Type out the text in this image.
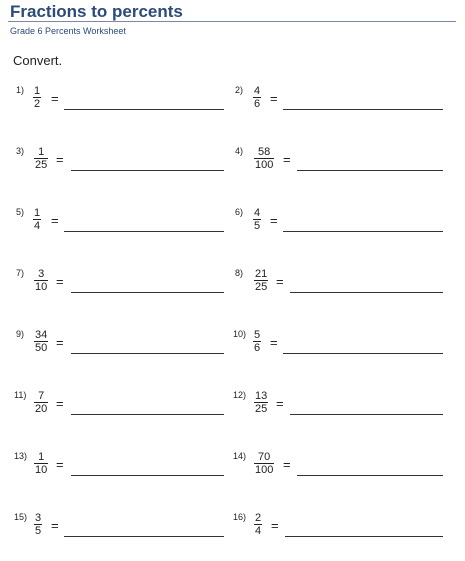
Fractions to percents
Grade 6 Percents Worksheet
Convert.
1) 1
2 =
2) 4
6 =
3) 1
25 =
4) 58
100 =
5) 1
4 =
6) 4
5 =
7) 3
10 =
8) 21
25 =
9) 34
50 =
10) 5
6 =
11) 7
20 =
12) 13
25 =
13) 1
10 =
14) 70
100 =
15) 3
5 =
16) 2
4 =
